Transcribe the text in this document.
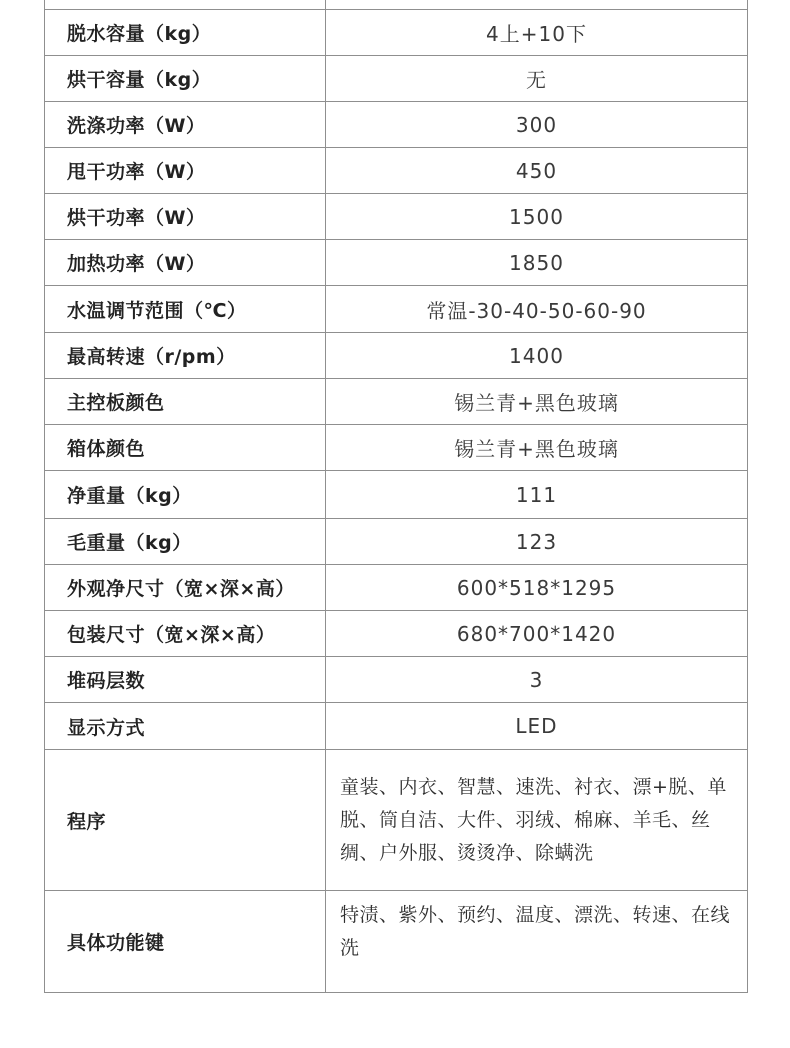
脱水容量（kg）	4上+10下
烘干容量（kg）	无
洗涤功率（W）	300
甩干功率（W）	450
烘干功率（W）	1500
加热功率（W）	1850
水温调节范围（℃）	常温-30-40-50-60-90
最高转速（r/pm）	1400
主控板颜色	锡兰青+黑色玻璃
箱体颜色	锡兰青+黑色玻璃
净重量（kg）	111
毛重量（kg）	123
外观净尺寸（宽×深×高）	600*518*1295
包装尺寸（宽×深×高）	680*700*1420
堆码层数	3
显示方式	LED
程序	童装、内衣、智慧、速洗、衬衣、漂+脱、单脱、筒自洁、大件、羽绒、棉麻、羊毛、丝绸、户外服、烫烫净、除螨洗

具体功能键	特渍、紫外、预约、温度、漂洗、转速、在线洗
